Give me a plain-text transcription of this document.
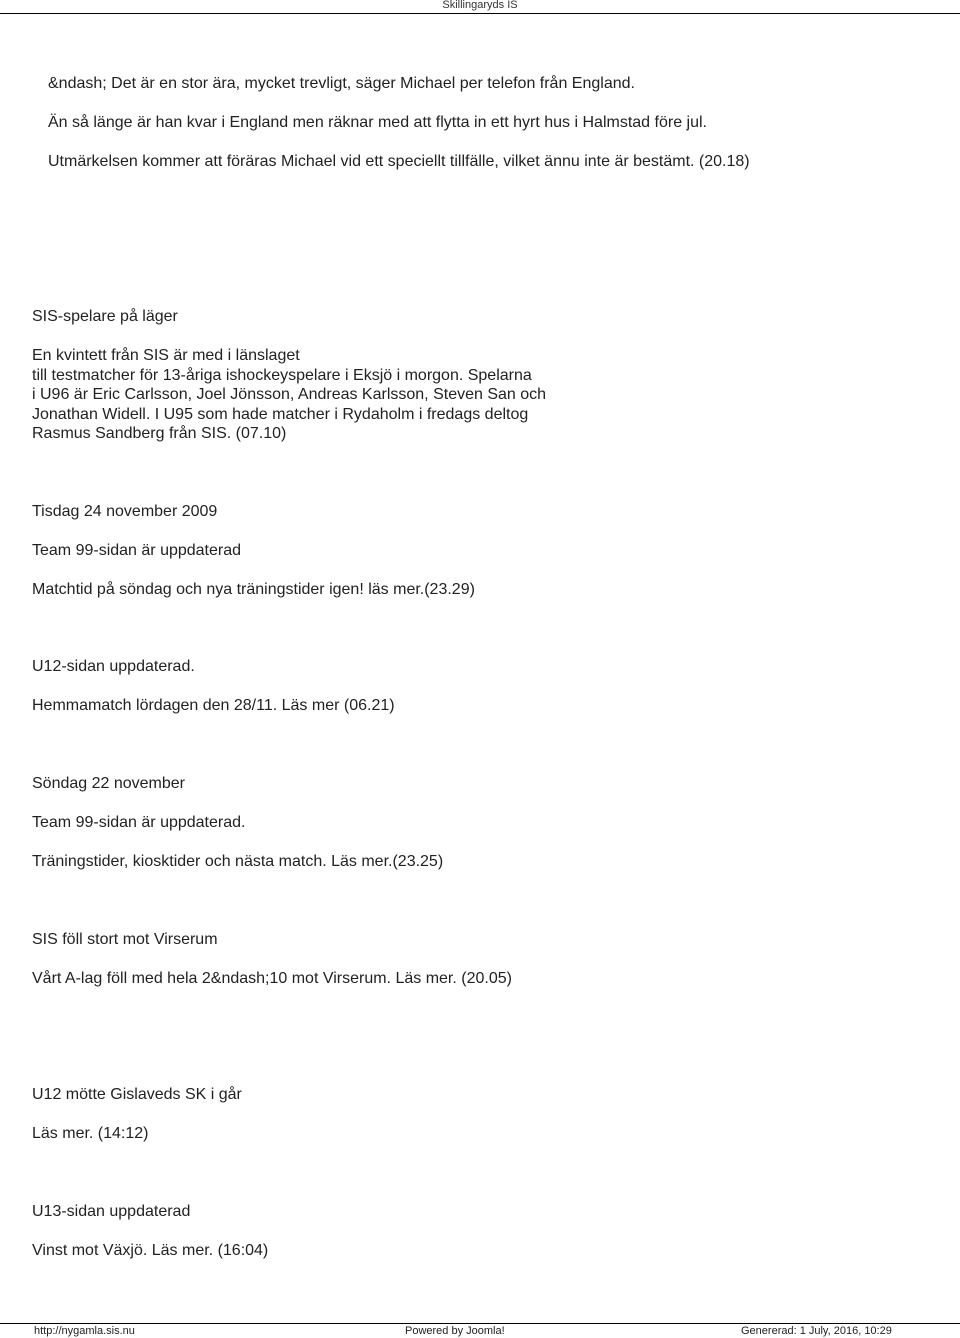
Skillingaryds IS
&ndash; Det är en stor ära, mycket trevligt, säger Michael per telefon från England.
Än så länge är han kvar i England men räknar med att flytta in ett hyrt hus i Halmstad före jul.
Utmärkelsen kommer att föräras Michael vid ett speciellt tillfälle, vilket ännu inte är bestämt. (20.18)
SIS-spelare på läger
En kvintett från SIS är med i länslaget
till testmatcher för 13-åriga ishockeyspelare i Eksjö i morgon. Spelarna
i U96 är Eric Carlsson, Joel Jönsson, Andreas Karlsson, Steven San och
Jonathan Widell. I U95 som hade matcher i Rydaholm i fredags deltog
Rasmus Sandberg från SIS. (07.10)
Tisdag 24 november 2009
Team 99-sidan är uppdaterad
Matchtid på söndag och nya träningstider igen! läs mer.(23.29)
U12-sidan uppdaterad.
Hemmamatch lördagen den 28/11. Läs mer (06.21)
Söndag 22 november
Team 99-sidan är uppdaterad.
Träningstider, kiosktider och nästa match. Läs mer.(23.25)
SIS föll stort mot Virserum
Vårt A-lag föll med hela 2&ndash;10 mot Virserum. Läs mer. (20.05)
U12 mötte Gislaveds SK i går
Läs mer. (14:12)
U13-sidan uppdaterad
Vinst mot Växjö. Läs mer. (16:04)
http://nygamla.sis.nu	Powered by Joomla!	Genererad: 1 July, 2016, 10:29
